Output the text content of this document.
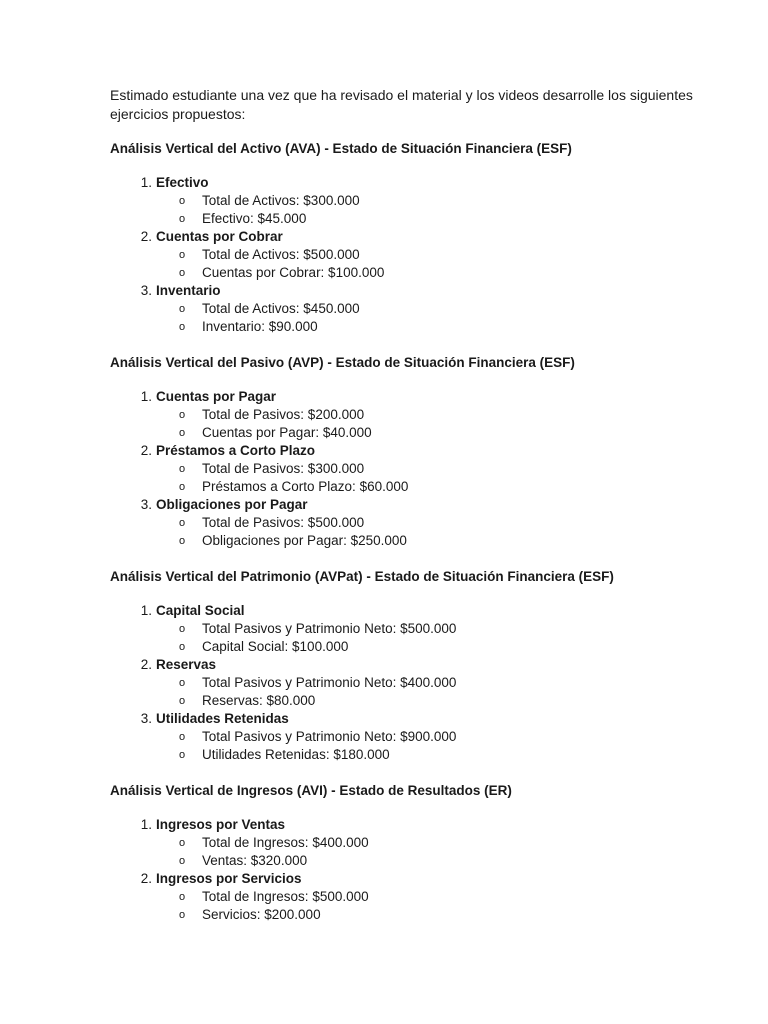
Estimado estudiante una vez que ha revisado el material y los videos desarrolle los siguientes ejercicios propuestos:

Análisis Vertical del Activo (AVA) - Estado de Situación Financiera (ESF)
1. Efectivo
o Total de Activos: $300.000
o Efectivo: $45.000
2. Cuentas por Cobrar
o Total de Activos: $500.000
o Cuentas por Cobrar: $100.000
3. Inventario
o Total de Activos: $450.000
o Inventario: $90.000
Análisis Vertical del Pasivo (AVP) - Estado de Situación Financiera (ESF)
1. Cuentas por Pagar
o Total de Pasivos: $200.000
o Cuentas por Pagar: $40.000
2. Préstamos a Corto Plazo
o Total de Pasivos: $300.000
o Préstamos a Corto Plazo: $60.000
3. Obligaciones por Pagar
o Total de Pasivos: $500.000
o Obligaciones por Pagar: $250.000
Análisis Vertical del Patrimonio (AVPat) - Estado de Situación Financiera (ESF)
1. Capital Social
o Total Pasivos y Patrimonio Neto: $500.000
o Capital Social: $100.000
2. Reservas
o Total Pasivos y Patrimonio Neto: $400.000
o Reservas: $80.000
3. Utilidades Retenidas
o Total Pasivos y Patrimonio Neto: $900.000
o Utilidades Retenidas: $180.000
Análisis Vertical de Ingresos (AVI) - Estado de Resultados (ER)
1. Ingresos por Ventas
o Total de Ingresos: $400.000
o Ventas: $320.000
2. Ingresos por Servicios
o Total de Ingresos: $500.000
o Servicios: $200.000
